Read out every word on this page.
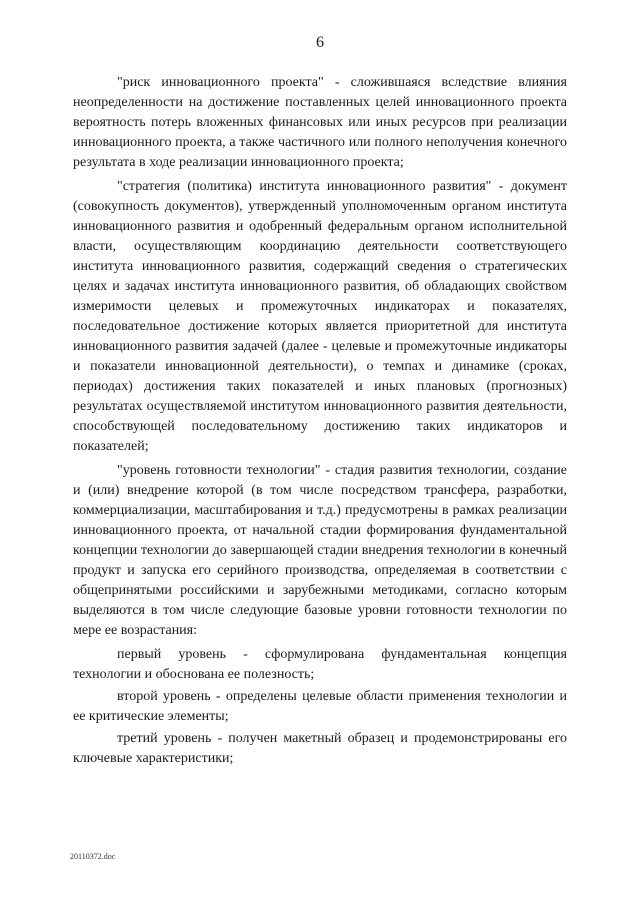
6

"риск инновационного проекта" - сложившаяся вследствие влияния неопределенности на достижение поставленных целей инновационного проекта вероятность потерь вложенных финансовых или иных ресурсов при реализации инновационного проекта, а также частичного или полного неполучения конечного результата в ходе реализации инновационного проекта;

"стратегия (политика) института инновационного развития" - документ (совокупность документов), утвержденный уполномоченным органом института инновационного развития и одобренный федеральным органом исполнительной власти, осуществляющим координацию деятельности соответствующего института инновационного развития, содержащий сведения о стратегических целях и задачах института инновационного развития, об обладающих свойством измеримости целевых и промежуточных индикаторах и показателях, последовательное достижение которых является приоритетной для института инновационного развития задачей (далее - целевые и промежуточные индикаторы и показатели инновационной деятельности), о темпах и динамике (сроках, периодах) достижения таких показателей и иных плановых (прогнозных) результатах осуществляемой институтом инновационного развития деятельности, способствующей последовательному достижению таких индикаторов и показателей;

"уровень готовности технологии" - стадия развития технологии, создание и (или) внедрение которой (в том числе посредством трансфера, разработки, коммерциализации, масштабирования и т.д.) предусмотрены в рамках реализации инновационного проекта, от начальной стадии формирования фундаментальной концепции технологии до завершающей стадии внедрения технологии в конечный продукт и запуска его серийного производства, определяемая в соответствии с общепринятыми российскими и зарубежными методиками, согласно которым выделяются в том числе следующие базовые уровни готовности технологии по мере ее возрастания:

первый уровень - сформулирована фундаментальная концепция технологии и обоснована ее полезность;

второй уровень - определены целевые области применения технологии и ее критические элементы;

третий уровень - получен макетный образец и продемонстрированы его ключевые характеристики;

20110372.doc
